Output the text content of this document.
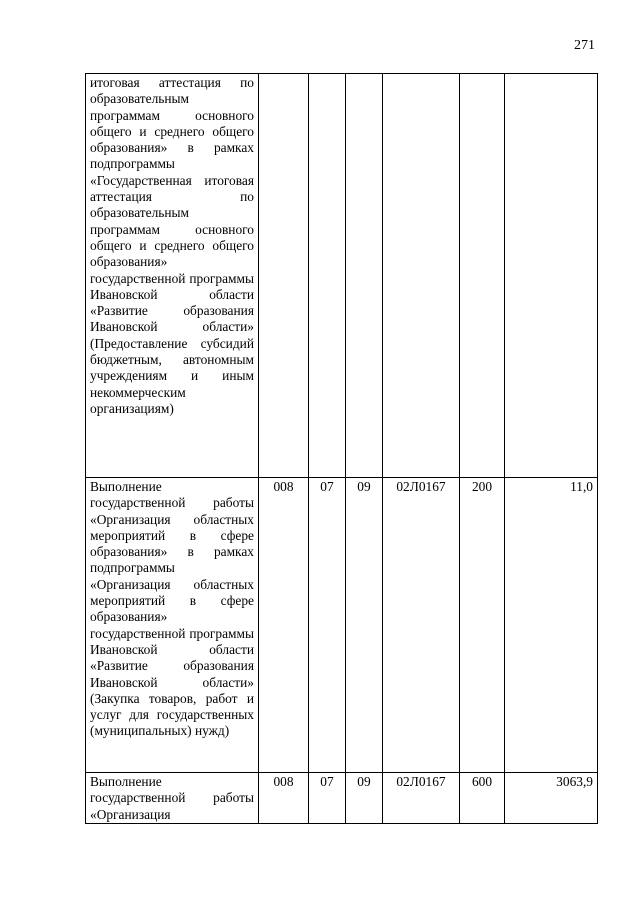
271
итоговая аттестация по образовательным программам основного общего и среднего общего образования» в рамках подпрограммы «Государственная итоговая аттестация по образовательным программам основного общего и среднего общего образования» государственной программы Ивановской области «Развитие образования Ивановской области» (Предоставление субсидий бюджетным, автономным учреждениям и иным некоммерческим организациям)						
Выполнение государственной работы «Организация областных мероприятий в сфере образования» в рамках подпрограммы «Организация областных мероприятий в сфере образования» государственной программы Ивановской области «Развитие образования Ивановской области» (Закупка товаров, работ и услуг для государственных (муниципальных) нужд)	008	07	09	02Л0167	200	11,0
Выполнение государственной работы «Организация	008	07	09	02Л0167	600	3063,9
